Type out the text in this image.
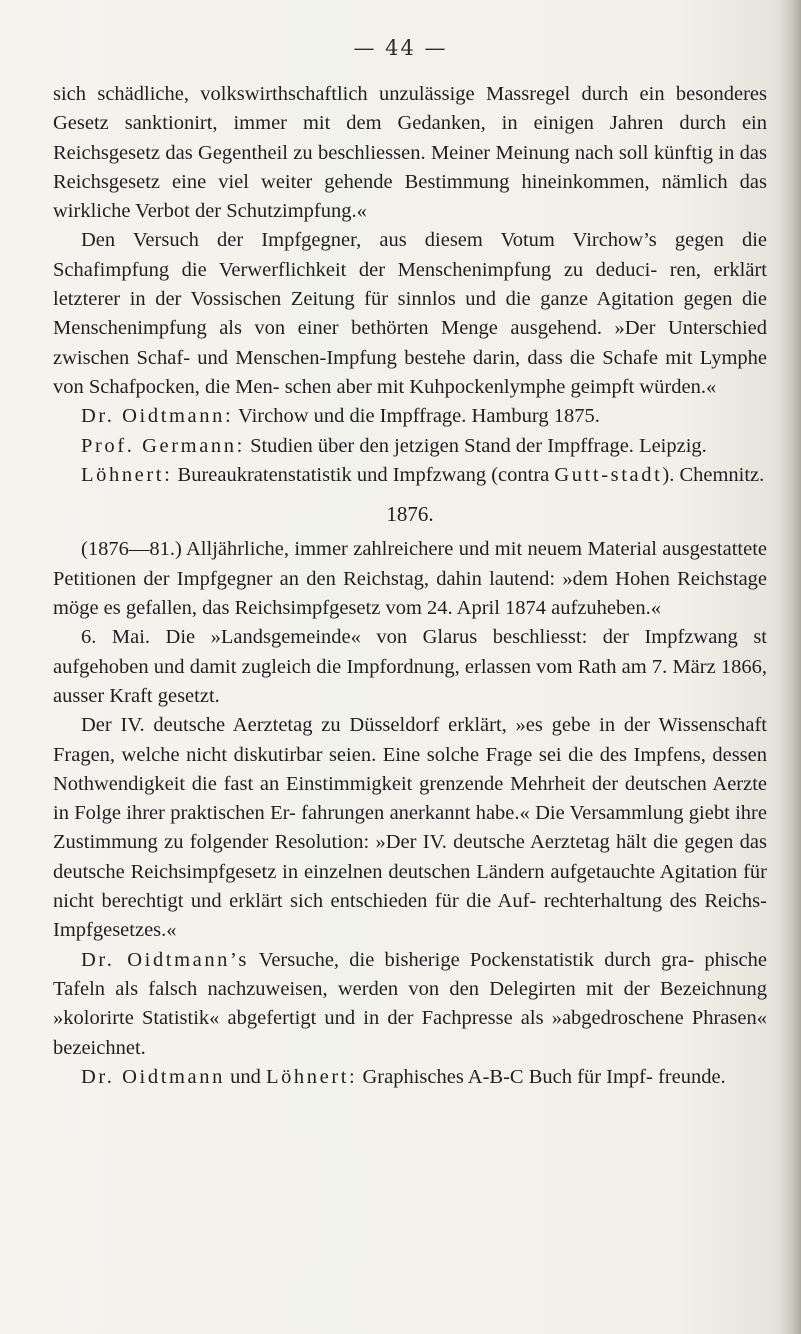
— 44 —

sich schädliche, volkswirthschaftlich unzulässige Massregel durch ein besonderes Gesetz sanktionirt, immer mit dem Gedanken, in einigen Jahren durch ein Reichsgesetz das Gegentheil zu beschliessen. Meiner Meinung nach soll künftig in das Reichsgesetz eine viel weiter gehende Bestimmung hineinkommen, nämlich das wirkliche Verbot der Schutzimpfung.«

Den Versuch der Impfgegner, aus diesem Votum Virchow’s gegen die Schafimpfung die Verwerflichkeit der Menschenimpfung zu deduci- ren, erklärt letzterer in der Vossischen Zeitung für sinnlos und die ganze Agitation gegen die Menschenimpfung als von einer bethörten Menge ausgehend. »Der Unterschied zwischen Schaf- und Menschen-Impfung bestehe darin, dass die Schafe mit Lymphe von Schafpocken, die Men- schen aber mit Kuhpockenlymphe geimpft würden.«

Dr. Oidtmann: Virchow und die Impffrage. Hamburg 1875.

Prof. Germann: Studien über den jetzigen Stand der Impffrage. Leipzig.

Löhnert: Bureaukratenstatistik und Impfzwang (contra Gutt-stadt). Chemnitz.

1876.

(1876—81.) Alljährliche, immer zahlreichere und mit neuem Material ausgestattete Petitionen der Impfgegner an den Reichstag, dahin lautend: »dem Hohen Reichstage möge es gefallen, das Reichsimpfgesetz vom 24. April 1874 aufzuheben.«

6. Mai. Die »Landsgemeinde« von Glarus beschliesst: der Impfzwang st aufgehoben und damit zugleich die Impfordnung, erlassen vom Rath am 7. März 1866, ausser Kraft gesetzt.

Der IV. deutsche Aerztetag zu Düsseldorf erklärt, »es gebe in der Wissenschaft Fragen, welche nicht diskutirbar seien. Eine solche Frage sei die des Impfens, dessen Nothwendigkeit die fast an Einstimmigkeit grenzende Mehrheit der deutschen Aerzte in Folge ihrer praktischen Er- fahrungen anerkannt habe.« Die Versammlung giebt ihre Zustimmung zu folgender Resolution: »Der IV. deutsche Aerztetag hält die gegen das deutsche Reichsimpfgesetz in einzelnen deutschen Ländern aufgetauchte Agitation für nicht berechtigt und erklärt sich entschieden für die Auf- rechterhaltung des Reichs-Impfgesetzes.«

Dr. Oidtmann’s Versuche, die bisherige Pockenstatistik durch gra- phische Tafeln als falsch nachzuweisen, werden von den Delegirten mit der Bezeichnung »kolorirte Statistik« abgefertigt und in der Fachpresse als »abgedroschene Phrasen« bezeichnet.

Dr. Oidtmann und Löhnert: Graphisches A-B-C Buch für Impf- freunde.
